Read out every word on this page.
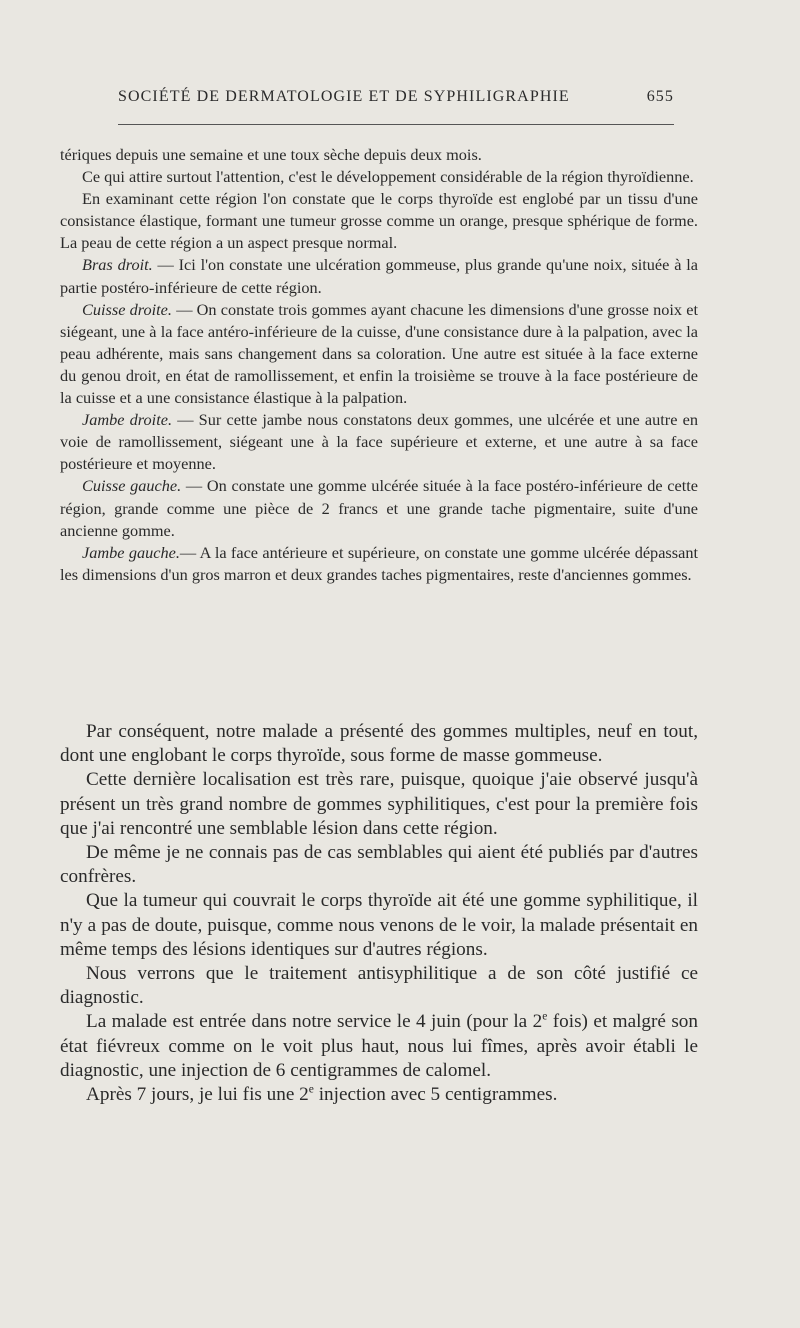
SOCIÉTÉ DE DERMATOLOGIE ET DE SYPHILIGRAPHIE	655

tériques depuis une semaine et une toux sèche depuis deux mois.

Ce qui attire surtout l'attention, c'est le développement considérable de la région thyroïdienne.

En examinant cette région l'on constate que le corps thyroïde est englobé par un tissu d'une consistance élastique, formant une tumeur grosse comme un orange, presque sphérique de forme. La peau de cette région a un aspect presque normal.

Bras droit. — Ici l'on constate une ulcération gommeuse, plus grande qu'une noix, située à la partie postéro-inférieure de cette région.

Cuisse droite. — On constate trois gommes ayant chacune les dimensions d'une grosse noix et siégeant, une à la face antéro-inférieure de la cuisse, d'une consistance dure à la palpation, avec la peau adhérente, mais sans changement dans sa coloration. Une autre est située à la face externe du genou droit, en état de ramollissement, et enfin la troisième se trouve à la face postérieure de la cuisse et a une consistance élastique à la palpation.

Jambe droite. — Sur cette jambe nous constatons deux gommes, une ulcérée et une autre en voie de ramollissement, siégeant une à la face supérieure et externe, et une autre à sa face postérieure et moyenne.

Cuisse gauche. — On constate une gomme ulcérée située à la face postéro-inférieure de cette région, grande comme une pièce de 2 francs et une grande tache pigmentaire, suite d'une ancienne gomme.

Jambe gauche.— A la face antérieure et supérieure, on constate une gomme ulcérée dépassant les dimensions d'un gros marron et deux grandes taches pigmentaires, reste d'anciennes gommes.

Par conséquent, notre malade a présenté des gommes multiples, neuf en tout, dont une englobant le corps thyroïde, sous forme de masse gommeuse.

Cette dernière localisation est très rare, puisque, quoique j'aie observé jusqu'à présent un très grand nombre de gommes syphilitiques, c'est pour la première fois que j'ai rencontré une semblable lésion dans cette région.

De même je ne connais pas de cas semblables qui aient été publiés par d'autres confrères.

Que la tumeur qui couvrait le corps thyroïde ait été une gomme syphilitique, il n'y a pas de doute, puisque, comme nous venons de le voir, la malade présentait en même temps des lésions identiques sur d'autres régions.

Nous verrons que le traitement antisyphilitique a de son côté justifié ce diagnostic.

La malade est entrée dans notre service le 4 juin (pour la 2e fois) et malgré son état fiévreux comme on le voit plus haut, nous lui fîmes, après avoir établi le diagnostic, une injection de 6 centigrammes de calomel.

Après 7 jours, je lui fis une 2e injection avec 5 centigrammes.
